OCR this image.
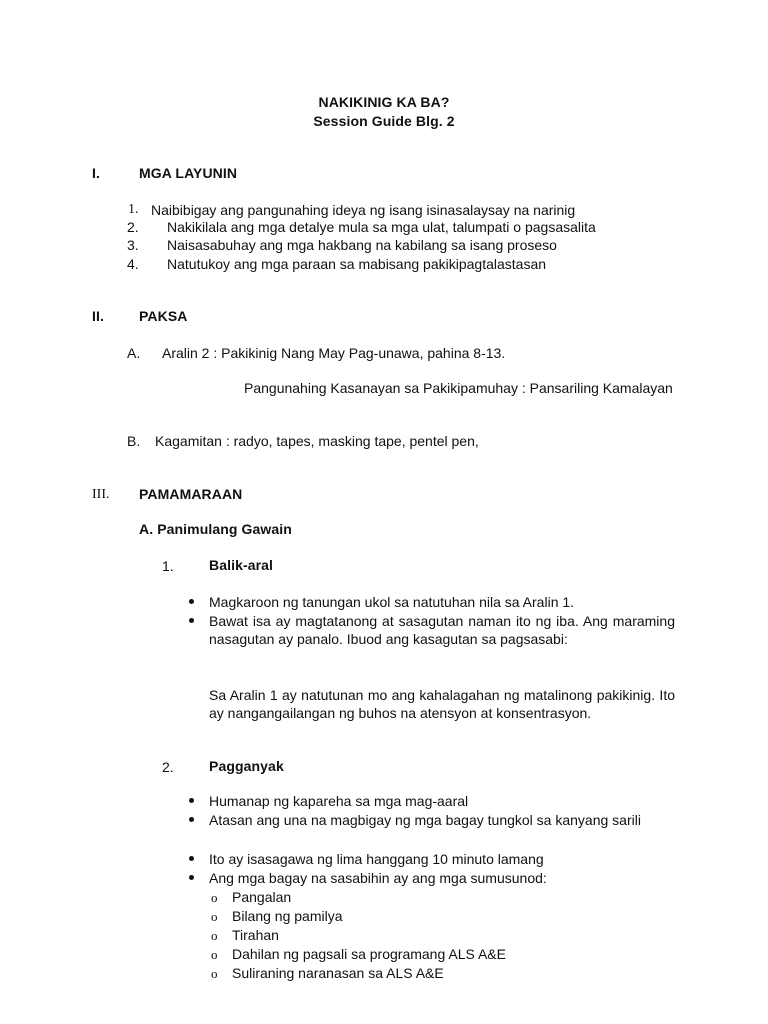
NAKIKINIG KA BA?
Session Guide Blg. 2
I.	MGA LAYUNIN
1. Naibibigay ang pangunahing ideya ng isang isinasalaysay na narinig
2. Nakikilala ang mga detalye mula sa mga ulat, talumpati o pagsasalita
3. Naisasabuhay ang mga hakbang na kabilang sa isang proseso
4. Natutukoy ang mga paraan sa mabisang pakikipagtalastasan
II.	PAKSA
A. Aralin 2 : Pakikinig Nang May Pag-unawa, pahina 8-13.
Pangunahing Kasanayan sa Pakikipamuhay : Pansariling Kamalayan
B. Kagamitan : radyo, tapes, masking tape, pentel pen,
III. PAMAMARAAN
A. Panimulang Gawain
1.	Balik-aral
Magkaroon ng tanungan ukol sa natutuhan nila sa Aralin 1.
Bawat isa ay magtatanong at sasagutan naman ito ng iba. Ang maraming nasagutan ay panalo. Ibuod ang kasagutan sa pagsasabi:
Sa Aralin 1 ay natutunan mo ang kahalagahan ng matalinong pakikinig. Ito ay nangangailangan ng buhos na atensyon at konsentrasyon.
2.	Pagganyak
Humanap ng kapareha sa mga mag-aaral
Atasan ang una na magbigay ng mga bagay tungkol sa kanyang sarili
Ito ay isasagawa ng lima hanggang 10 minuto lamang
Ang mga bagay na sasabihin ay ang mga sumusunod:
o Pangalan
o Bilang ng pamilya
o Tirahan
o Dahilan ng pagsali sa programang ALS A&E
o Suliraning naranasan sa ALS A&E
